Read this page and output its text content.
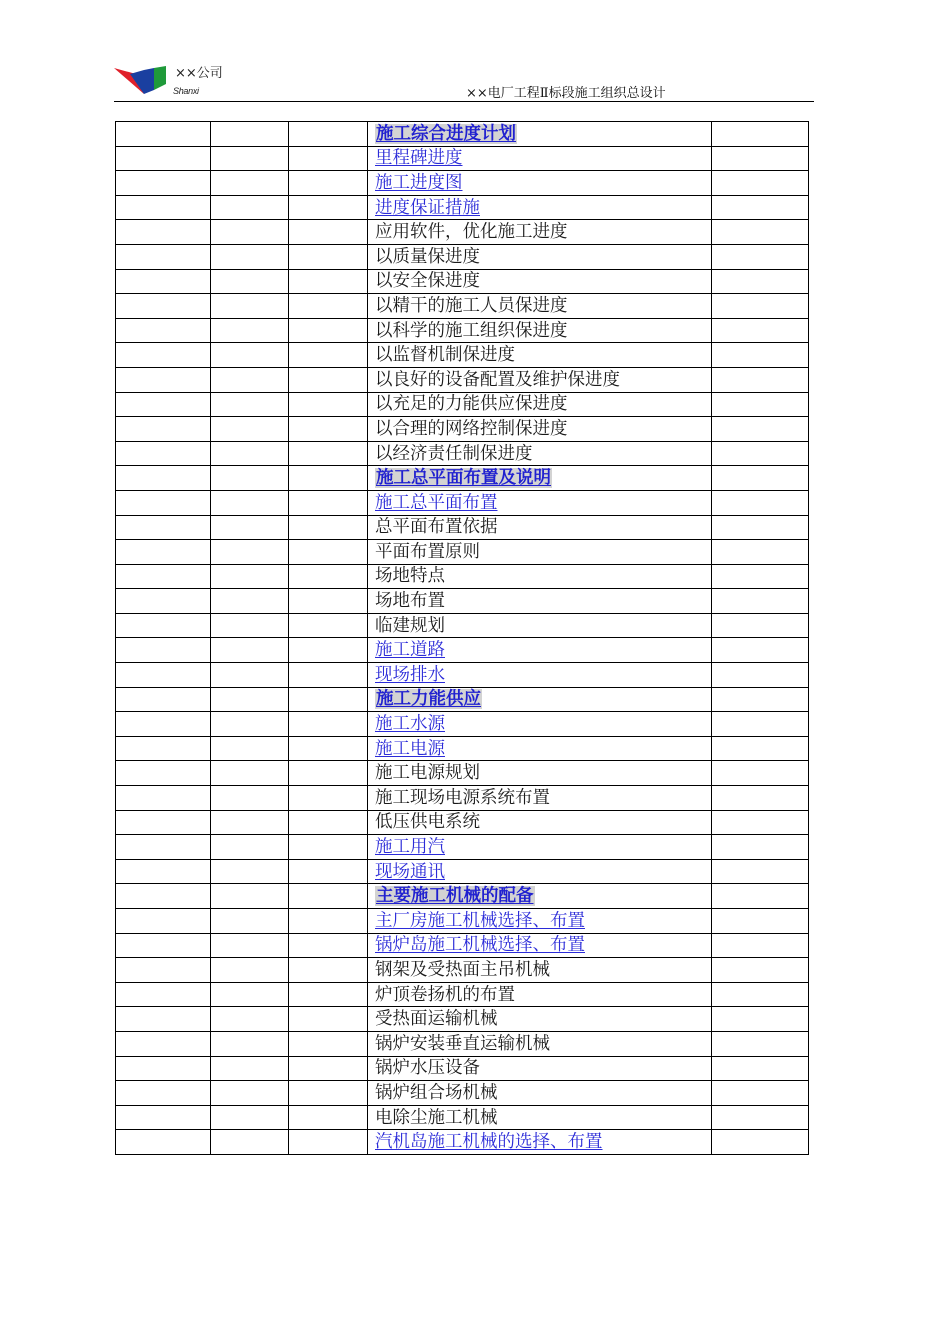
××公司
Shanxi	××电厂工程Ⅱ标段施工组织总设计
			施工综合进度计划	
			里程碑进度	
			施工进度图	
			进度保证措施	
			应用软件，优化施工进度	
			以质量保进度	
			以安全保进度	
			以精干的施工人员保进度	
			以科学的施工组织保进度	
			以监督机制保进度	
			以良好的设备配置及维护保进度	
			以充足的力能供应保进度	
			以合理的网络控制保进度	
			以经济责任制保进度	
			施工总平面布置及说明	
			施工总平面布置	
			总平面布置依据	
			平面布置原则	
			场地特点	
			场地布置	
			临建规划	
			施工道路	
			现场排水	
			施工力能供应	
			施工水源	
			施工电源	
			施工电源规划	
			施工现场电源系统布置	
			低压供电系统	
			施工用汽	
			现场通讯	
			主要施工机械的配备	
			主厂房施工机械选择、布置	
			锅炉岛施工机械选择、布置	
			钢架及受热面主吊机械	
			炉顶卷扬机的布置	
			受热面运输机械	
			锅炉安装垂直运输机械	
			锅炉水压设备	
			锅炉组合场机械	
			电除尘施工机械	
			汽机岛施工机械的选择、布置	
